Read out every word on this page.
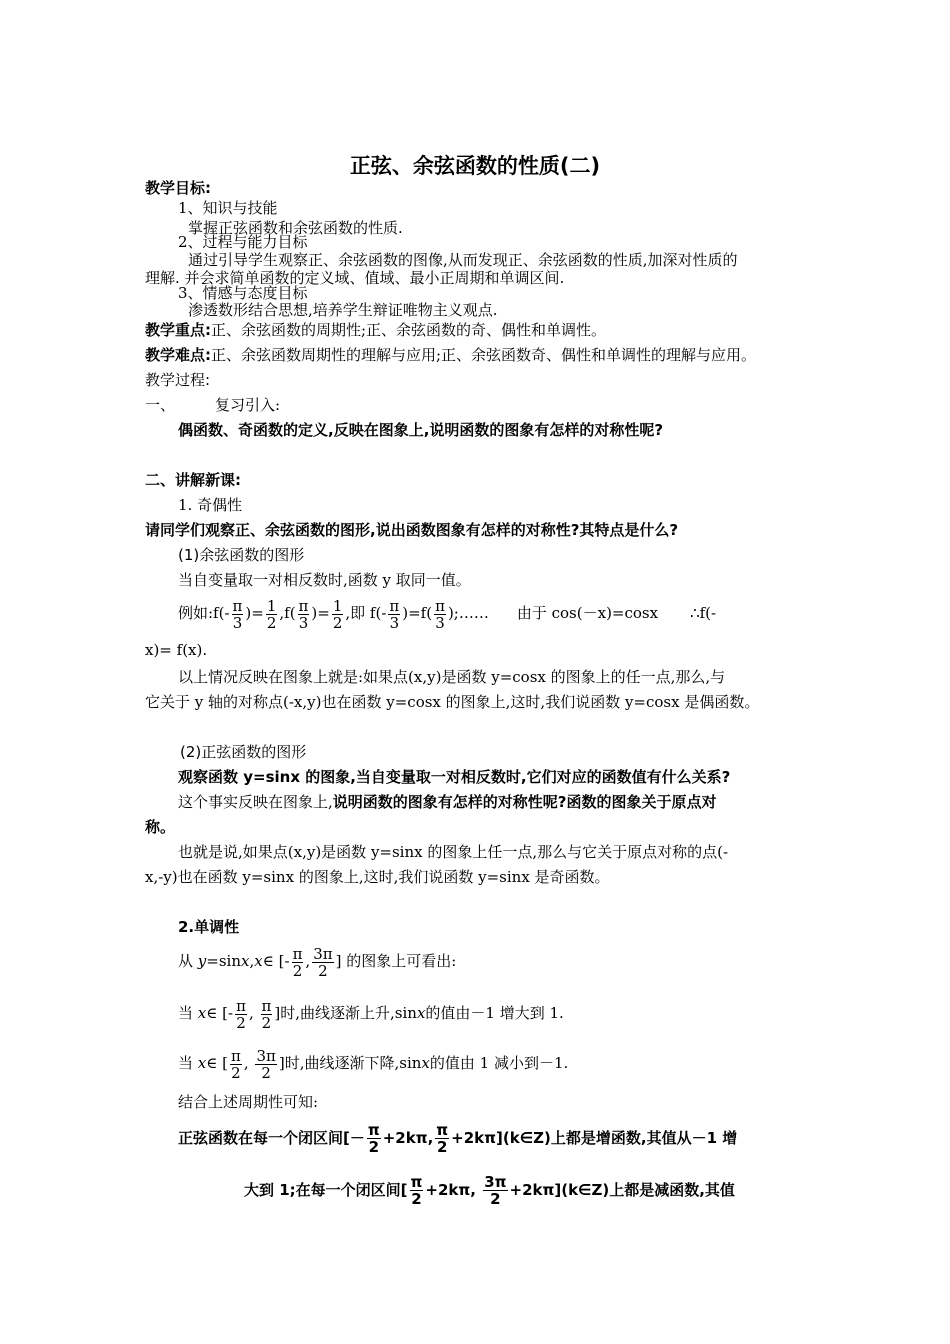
正弦、余弦函数的性质(二)
教学目标:
1、知识与技能
掌握正弦函数和余弦函数的性质.
2、过程与能力目标
通过引导学生观察正、余弦函数的图像,从而发现正、余弦函数的性质,加深对性质的
理解. 并会求简单函数的定义域、值域、最小正周期和单调区间.
3、情感与态度目标
渗透数形结合思想,培养学生辩证唯物主义观点.
教学重点:正、余弦函数的周期性;正、余弦函数的奇、偶性和单调性。
教学难点:正、余弦函数周期性的理解与应用;正、余弦函数奇、偶性和单调性的理解与应用。
教学过程:
一、	复习引入:
偶函数、奇函数的定义,反映在图象上,说明函数的图象有怎样的对称性呢?
二、讲解新课:
1. 奇偶性
请同学们观察正、余弦函数的图形,说出函数图象有怎样的对称性?其特点是什么?
(1)余弦函数的图形
当自变量取一对相反数时,函数 y 取同一值。
例如:f(- $\frac{\pi}{3}$ )= $\frac{1}{2} ,f( \frac{\pi}{3}$ )= $\frac{1}{2}$ ,即 $f(- \frac{\pi}{3} )=f( \frac{\pi}{3}$ );…… 由于 cos(－x)=cosx ∴f(-
x)= f(x).
以上情况反映在图象上就是:如果点(x,y)是函数 y=cosx 的图象上的任一点,那么,与
它关于 y 轴的对称点(-x,y)也在函数 y=cosx 的图象上,这时,我们说函数 y=cosx 是偶函数。
(2)正弦函数的图形
观察函数 y=sinx 的图象,当自变量取一对相反数时,它们对应的函数值有什么关系?
这个事实反映在图象上,说明函数的图象有怎样的对称性呢?函数的图象关于原点对
称。
也就是说,如果点(x,y)是函数 y=sinx 的图象上任一点,那么与它关于原点对称的点(-
x,-y)也在函数 y=sinx 的图象上,这时,我们说函数 y=sinx 是奇函数。
2.单调性
从 y=sinx,x∈ [- $\frac{\pi}{2}$ , $\frac{3\pi}{2}$ ] 的图象上可看出:
当 x∈ [- $\frac{\pi}{2}$ , $\frac{\pi}{2}$ ]时,曲线逐渐上升,sinx的值由－1 增大到 1.
当 x∈ [ $\frac{\pi}{2}$ , $\frac{3\pi}{2}$ ]时,曲线逐渐下降,sinx的值由 1 减小到－1.
结合上述周期性可知:
正弦函数在每一个闭区间[－ $\frac{\pi}{2} +2k\pi$, $\frac{\pi}{2}$ +2kπ](k∈Z)上都是增函数,其值从－1 增
大到 1;在每一个闭区间[ $\frac{\pi}{2} +2k\pi$, $\frac{3\pi}{2}$ +2kπ](k∈Z)上都是减函数,其值
